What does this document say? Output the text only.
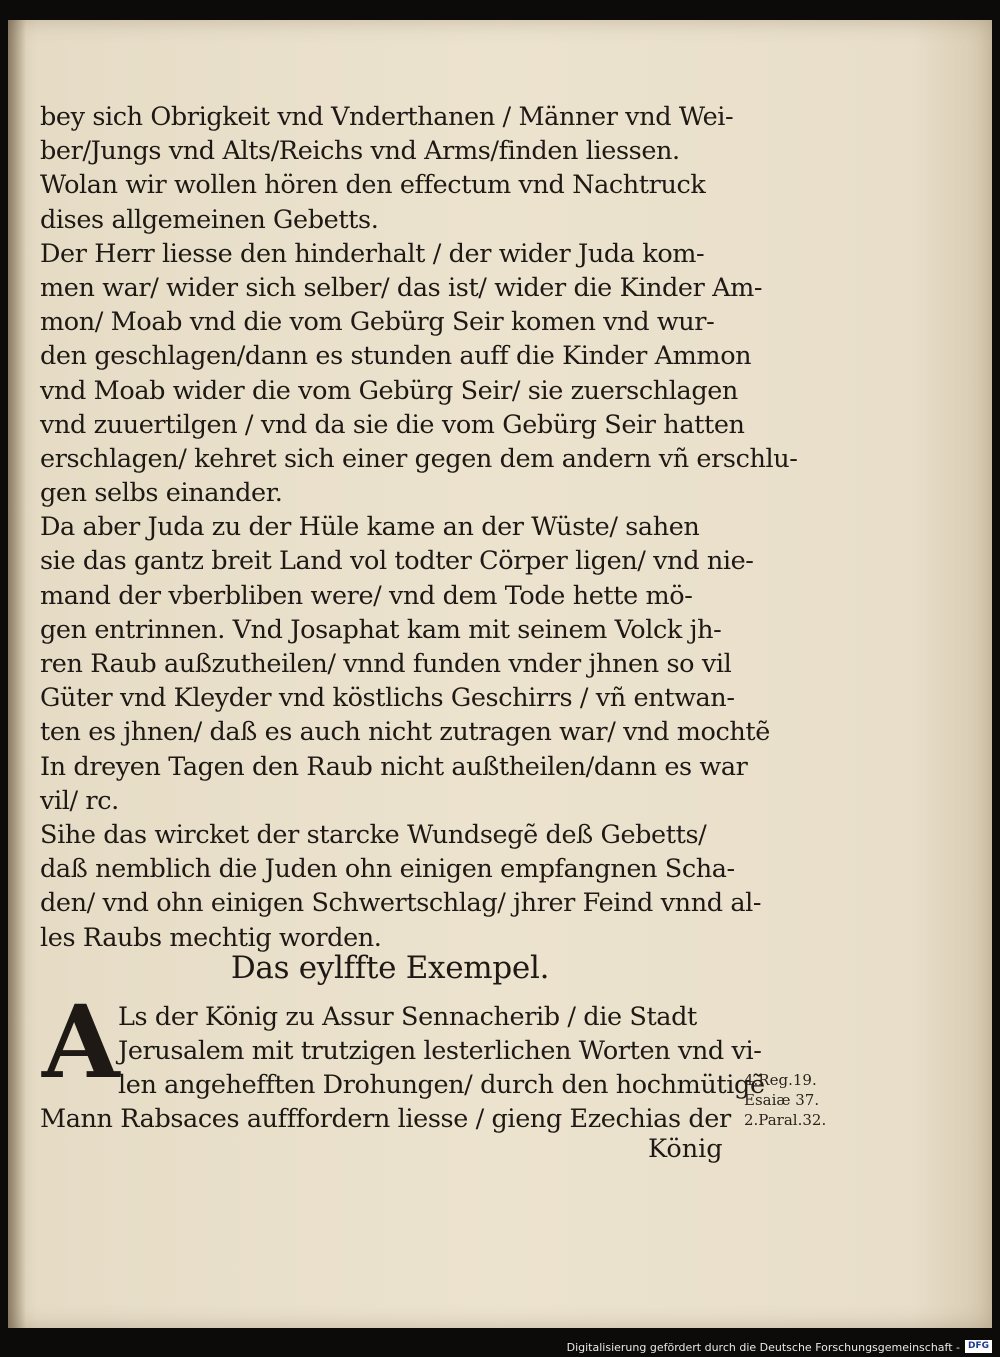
bey sich Obrigkeit vnd Vnderthanen / Männer vnd Wei-
ber/Jungs vnd Alts/Reichs vnd Arms/finden liessen.
Wolan wir wollen hören den effectum vnd Nachtruck
dises allgemeinen Gebetts.
Der Herr liesse den hinderhalt / der wider Juda kom-
men war/ wider sich selber/ das ist/ wider die Kinder Am-
mon/ Moab vnd die vom Gebürg Seir komen vnd wur-
den geschlagen/dann es stunden auff die Kinder Ammon
vnd Moab wider die vom Gebürg Seir/ sie zuerschlagen
vnd zuuertilgen / vnd da sie die vom Gebürg Seir hatten
erschlagen/ kehret sich einer gegen dem andern vñ erschlu-
gen selbs einander.
Da aber Juda zu der Hüle kame an der Wüste/ sahen
sie das gantz breit Land vol todter Cörper ligen/ vnd nie-
mand der vberbliben were/ vnd dem Tode hette mö-
gen entrinnen. Vnd Josaphat kam mit seinem Volck jh-
ren Raub außzutheilen/ vnnd funden vnder jhnen so vil
Güter vnd Kleyder vnd köstlichs Geschirrs / vñ entwan-
ten es jhnen/ daß es auch nicht zutragen war/ vnd mochtẽ
In dreyen Tagen den Raub nicht außtheilen/dann es war
vil/ rc.
Sihe das wircket der starcke Wundsegẽ deß Gebetts/
daß nemblich die Juden ohn einigen empfangnen Scha-
den/ vnd ohn einigen Schwertschlag/ jhrer Feind vnnd al-
les Raubs mechtig worden.
Das eylffte Exempel.
A
Ls der König zu Assur Sennacherib / die Stadt
Jerusalem mit trutzigen lesterlichen Worten vnd vi-
len angehefften Drohungen/ durch den hochmütigẽ
Mann Rabsaces aufffordern liesse / gieng Ezechias der
König
4.Reg.19.
Esaiæ 37.
2.Paral.32.
Digitalisierung gefördert durch die Deutsche Forschungsgemeinschaft - DFG
